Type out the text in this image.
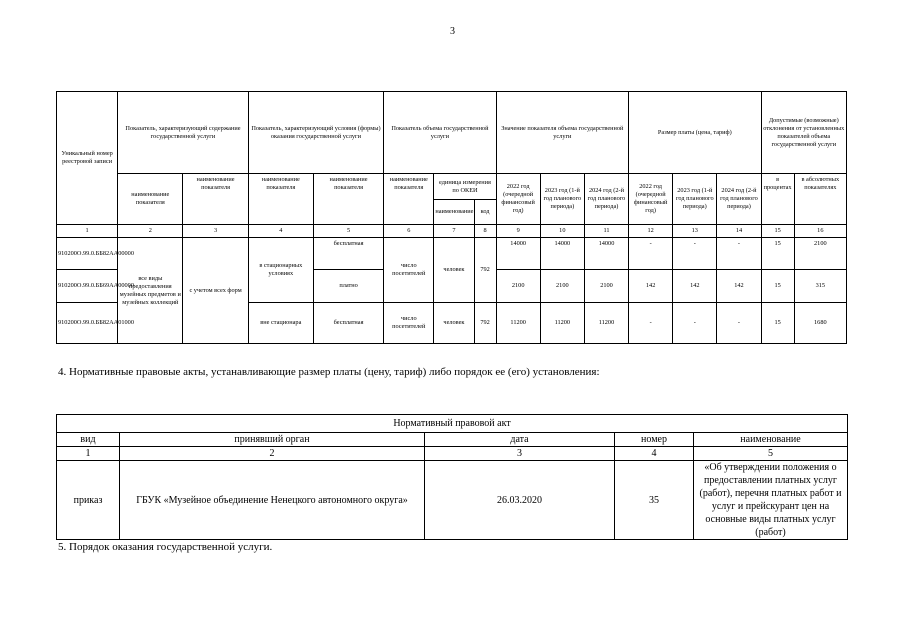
3
Уникальный номер реестровой записи	Показатель, характеризующий содержание государственной услуги		Показатель, характеризующий условия (формы) оказания государственной услуги		Показатель объема государственной услуги			Значение показателя объема государственной услуги			Размер платы (цена, тариф)			Допустимые (возможные) отклонения от установленных показателей объема государственной услуги	
	наименование показателя	наименование показателя	наименование показателя	наименование показателя	наименование показателя	единица измерения по ОКЕИ		2022 год (очередной финансовый год)	2023 год (1-й год планового периода)	2024 год (2-й год планового периода)	2022 год (очередной финансовый год)	2023 год (1-й год планового периода)	2024 год (2-й год планового периода)	в процентах	в абсолютных показателях
						наименование	код								
1	2	3	4	5	6	7	8	9	10	11	12	13	14	15	16
910200О.99.0.ББ82АА00000	все виды предоставления музейных предметов и музейных коллекций	с учетом всех форм	в стационарных условиях	бесплатная	число посетителей	человек	792	14000	14000	14000	-	-	-	15	2100
910200О.99.0.ББ69АА00000				платно				2100	2100	2100	142	142	142	15	315
910200О.99.0.ББ82АА01000			вне стационара	бесплатная	число посетителей	человек	792	11200	11200	11200	-	-	-	15	1680
4. Нормативные правовые акты, устанавливающие размер платы (цену, тариф) либо порядок ее (его) установления:
Нормативный правовой акт				
вид	принявший орган	дата	номер	наименование
1	2	3	4	5
приказ	ГБУК «Музейное объединение Ненецкого автономного округа»	26.03.2020	35	«Об утверждении положения о предоставлении платных услуг (работ), перечня платных работ и услуг и прейскурант цен на основные виды платных услуг (работ)
5. Порядок оказания государственной услуги.
